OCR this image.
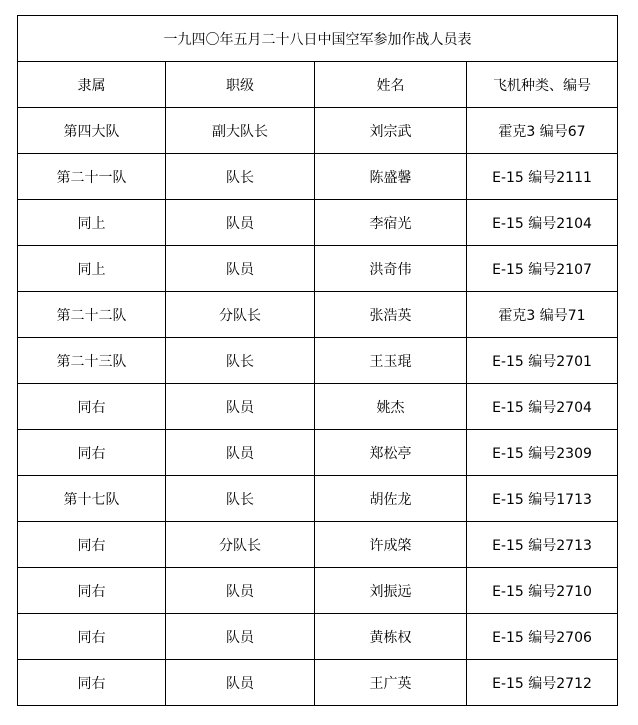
一九四〇年五月二十八日中国空军参加作战人员表			
隶属	职级	姓名	飞机种类、编号
第四大队	副大队长	刘宗武	霍克3 编号67
第二十一队	队长	陈盛馨	E-15 编号2111
同上	队员	李宿光	E-15 编号2104
同上	队员	洪奇伟	E-15 编号2107
第二十二队	分队长	张浩英	霍克3 编号71
第二十三队	队长	王玉琨	E-15 编号2701
同右	队员	姚杰	E-15 编号2704
同右	队员	郑松亭	E-15 编号2309
第十七队	队长	胡佐龙	E-15 编号1713
同右	分队长	许成棨	E-15 编号2713
同右	队员	刘振远	E-15 编号2710
同右	队员	黄栋权	E-15 编号2706
同右	队员	王广英	E-15 编号2712
